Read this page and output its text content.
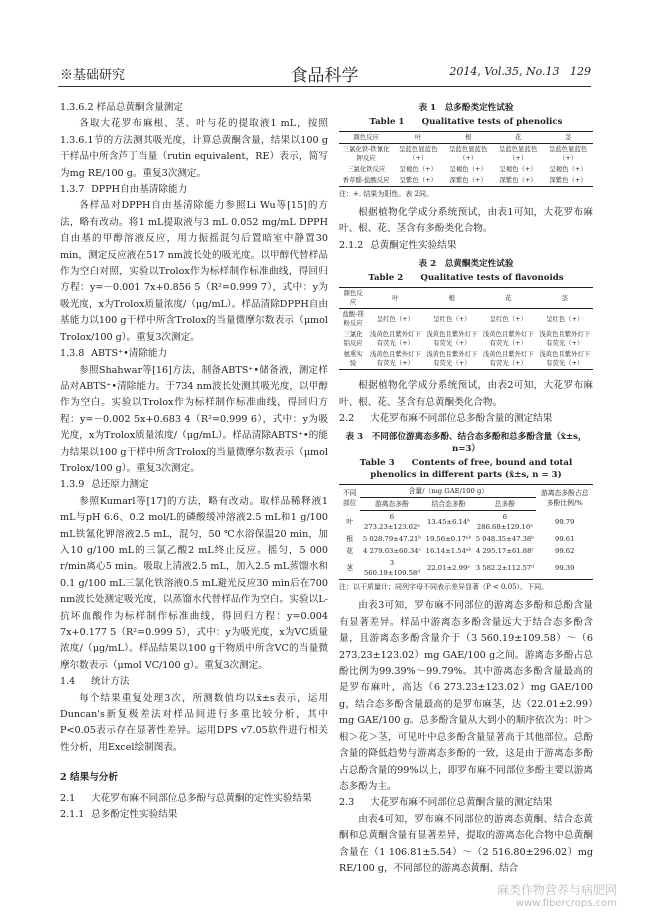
※基础研究	食品科学	2014, Vol.35, No.13 129
1.3.6.2 样品总黄酮含量测定

各取大花罗布麻根、茎、叶与花的提取液1 mL，按照1.3.6.1节的方法测其吸光度，计算总黄酮含量，结果以100 g干样品中所含芦丁当量（rutin equivalent，RE）表示，简写为mg RE/100 g。重复3次测定。

1.3.7 DPPH自由基清除能力

各样品对DPPH自由基清除能力参照Li Wu等[15]的方法，略有改动。将1 mL提取液与3 mL 0.052 mg/mL DPPH自由基的甲醇溶液反应，用力振摇混匀后置暗室中静置30 min，测定反应液在517 nm波长处的吸光度。以甲醇代替样品作为空白对照，实验以Trolox作为标样制作标准曲线，得回归方程：y=－0.001 7x+0.856 5（R²=0.999 7），式中：y为吸光度，x为Trolox质量浓度/（μg/mL）。样品清除DPPH自由基能力以100 g干样中所含Trolox的当量微摩尔数表示（μmol Trolox/100 g）。重复3次测定。

1.3.8 ABTS⁺•清除能力

参照Shahwar等[16]方法，制备ABTS⁺•储备液，测定样品对ABTS⁺•清除能力。于734 nm波长处测其吸光度，以甲醇作为空白。实验以Trolox作为标样制作标准曲线，得回归方程：y=－0.002 5x+0.683 4（R²=0.999 6），式中：y为吸光度，x为Trolox质量浓度/（μg/mL）。样品清除ABTS⁺•的能力结果以100 g干样中所含Trolox的当量微摩尔数表示（μmol Trolox/100 g）。重复3次测定。

1.3.9 总还原力测定

参照Kumarl等[17]的方法，略有改动。取样品稀释液1 mL与pH 6.6、0.2 mol/L的磷酸缓冲溶液2.5 mL和1 g/100 mL铁氰化钾溶液2.5 mL，混匀，50 ℃水浴保温20 min，加入10 g/100 mL的三氯乙酸2 mL终止反应。摇匀，5 000 r/min离心5 min。吸取上清液2.5 mL，加入2.5 mL蒸馏水和0.1 g/100 mL三氯化铁溶液0.5 mL避光反应30 min后在700 nm波长处测定吸光度，以蒸馏水代替样品作为空白。实验以L-抗坏血酸作为标样制作标准曲线，得回归方程：y=0.004 7x+0.177 5（R²=0.999 5），式中：y为吸光度，x为VC质量浓度/（μg/mL）。样品结果以100 g干物质中所含VC的当量微摩尔数表示（μmol VC/100 g）。重复3次测定。

1.4 统计方法

每个结果重复处理3次，所测数值均以x̄±s表示，运用Duncan's新复极差法对样品间进行多重比较分析，其中P<0.05表示存在显著性差异。运用DPS v7.05软件进行相关性分析，用Excel绘制图表。

2 结果与分析
2.1 大花罗布麻不同部位总多酚与总黄酮的定性实验结果
2.1.1 总多酚定性实验结果
表 1　总多酚类定性试验
Table 1　　Qualitative tests of phenolics
颜色反应	叶	根	花	茎
三氯化铁-铁氰化钾反应	呈蓝色显蓝色（+）	呈蓝色显蓝色（+）	呈蓝色显蓝色（+）	呈蓝色显蓝色（+）
三氯化铁反应	呈褐色（+）	呈褐色（+）	呈褐色（+）	呈褐色（+）
香草醛-盐酸反应	呈紫色（+）	深紫色（+）	深紫色（+）	深紫色（+）
注：+. 结果为阳性。表 2同。

根据植物化学成分系统预试，由表1可知，大花罗布麻叶、根、花、茎含有多酚类化合物。

2.1.2 总黄酮定性实验结果
表 2　总黄酮类定性试验
Table 2　　Qualitative tests of flavonoids
颜色反应	叶	根	花	茎
盐酸-镁粉反应	呈红色（+）	呈红色（+）	呈红色（+）	呈红色（+）
三氯化铝反应	浅黄色且紫外灯下有荧光（+）	浅黄色且紫外灯下有荧光（+）	浅黄色且紫外灯下有荧光（+）	浅黄色且紫外灯下有荧光（+）
氨熏实验	浅黄色且紫外灯下有荧光（+）	浅黄色且紫外灯下有荧光（+）	浅黄色且紫外灯下有荧光（+）	浅黄色且紫外灯下有荧光（+）

根据植物化学成分系统预试，由表2可知，大花罗布麻叶、根、花、茎含有总黄酮类化合物。

2.2 大花罗布麻不同部位总多酚含量的测定结果
表 3　不同部位游离态多酚、结合态多酚和总多酚含量（x̄±s，n=3）
Table 3　　Contents of free, bound and total phenolics in different parts (x̄±s, n = 3)
不同部位	含量/（mg GAE/100 g）			游离态多酚占总多酚比例/%
	游离态多酚	结合态多酚	总多酚	
叶	6 273.23±123.02ᵃ	13.45±6.14ᵇ	6 286.68±129.16ᵃ	99.79
根	5 028.79±47.21ᵇ	19.56±0.17ᵃᵇ	5 048.35±47.38ᵇ	99.61
花	4 279.03±60.34ᶜ	16.14±1.54ᵃᵇ	4 295.17±61.88ᶜ	99.62
茎	3 560.19±109.58ᵈ	22.01±2.99ᵃ	3 582.2±112.57ᵈ	99.39
注：以干质量计；同列字母不同表示差异显著（P < 0.05）。下同。

由表3可知，罗布麻不同部位的游离态多酚和总酚含量有显著差异。样品中游离态多酚含量远大于结合态多酚含量，且游离态多酚含量介于（3 560.19±109.58）～（6 273.23±123.02）mg GAE/100 g之间。游离态多酚占总酚比例为99.39%～99.79%。其中游离态多酚含量最高的是罗布麻叶，高达（6 273.23±123.02）mg GAE/100 g，结合态多酚含量最高的是罗布麻茎，达（22.01±2.99）mg GAE/100 g。总多酚含量从大到小的顺序依次为：叶＞根＞花＞茎，可见叶中总多酚含量显著高于其他部位。总酚含量的降低趋势与游离态多酚的一致，这是由于游离态多酚占总酚含量的99%以上，即罗布麻不同部位多酚主要以游离态多酚为主。

2.3 大花罗布麻不同部位总黄酮含量的测定结果

由表4可知，罗布麻不同部位的游离态黄酮、结合态黄酮和总黄酮含量有显著差异，提取的游离态化合物中总黄酮含量在（1 106.81±5.54）～（2 516.80±296.02）mg RE/100 g，不同部位的游离态黄酮、结合

麻类作物营养与病肥网
www.fibercrops.com
